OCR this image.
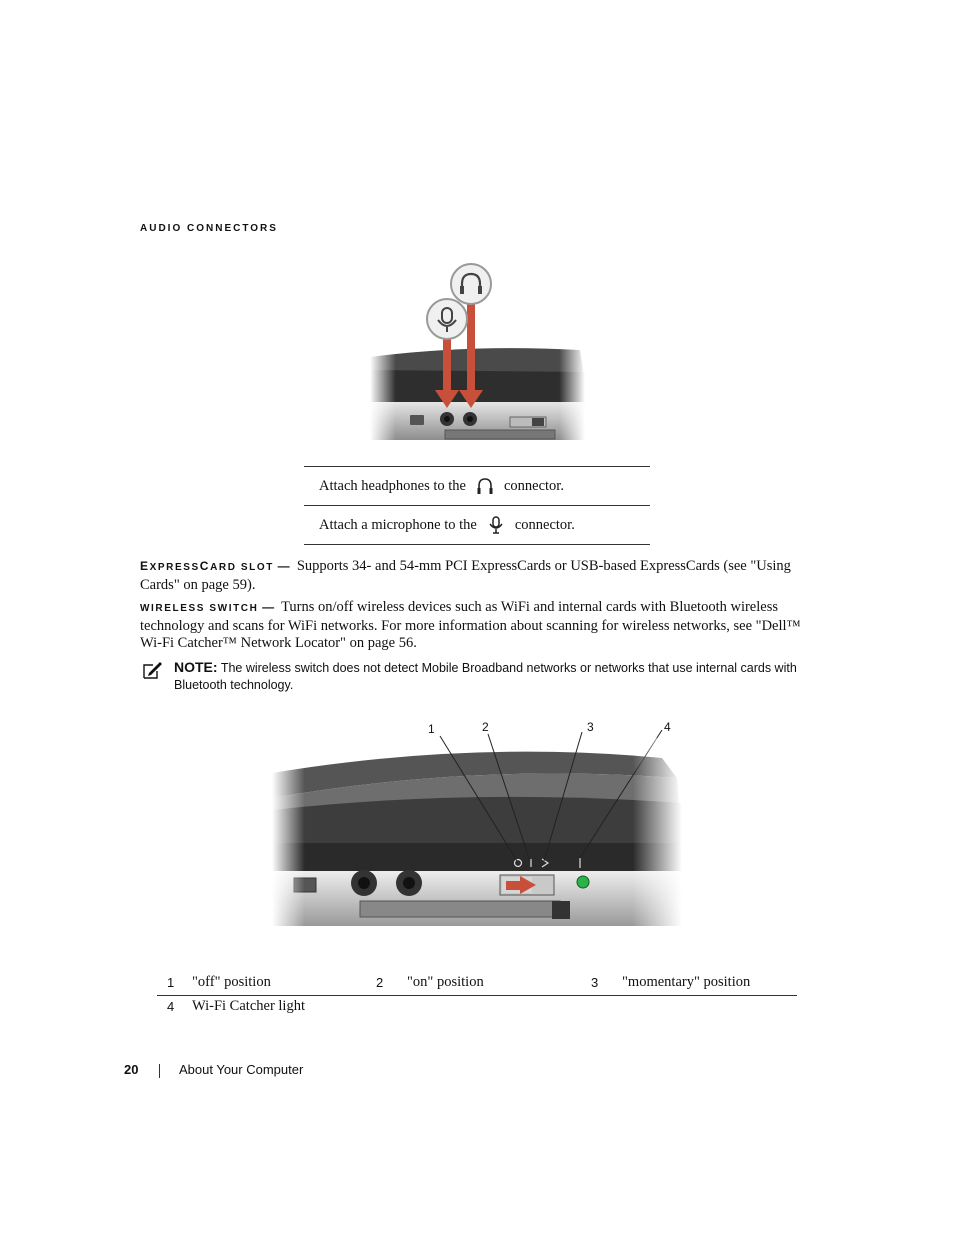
AUDIO CONNECTORS
Attach headphones to the	connector.
Attach a microphone to the	connector.
EXPRESSCARD SLOT — Supports 34- and 54-mm PCI ExpressCards or USB-based ExpressCards (see "Using Cards" on page 59).
WIRELESS SWITCH — Turns on/off wireless devices such as WiFi and internal cards with Bluetooth wireless technology and scans for WiFi networks. For more information about scanning for wireless networks, see "Dell™ Wi-Fi Catcher™ Network Locator" on page 56.
NOTE: The wireless switch does not detect Mobile Broadband networks or networks that use internal cards with Bluetooth technology.
1	2	3	4
1 "off" position	2 "on" position	3 "momentary" position
4 Wi-Fi Catcher light
20	About Your Computer
